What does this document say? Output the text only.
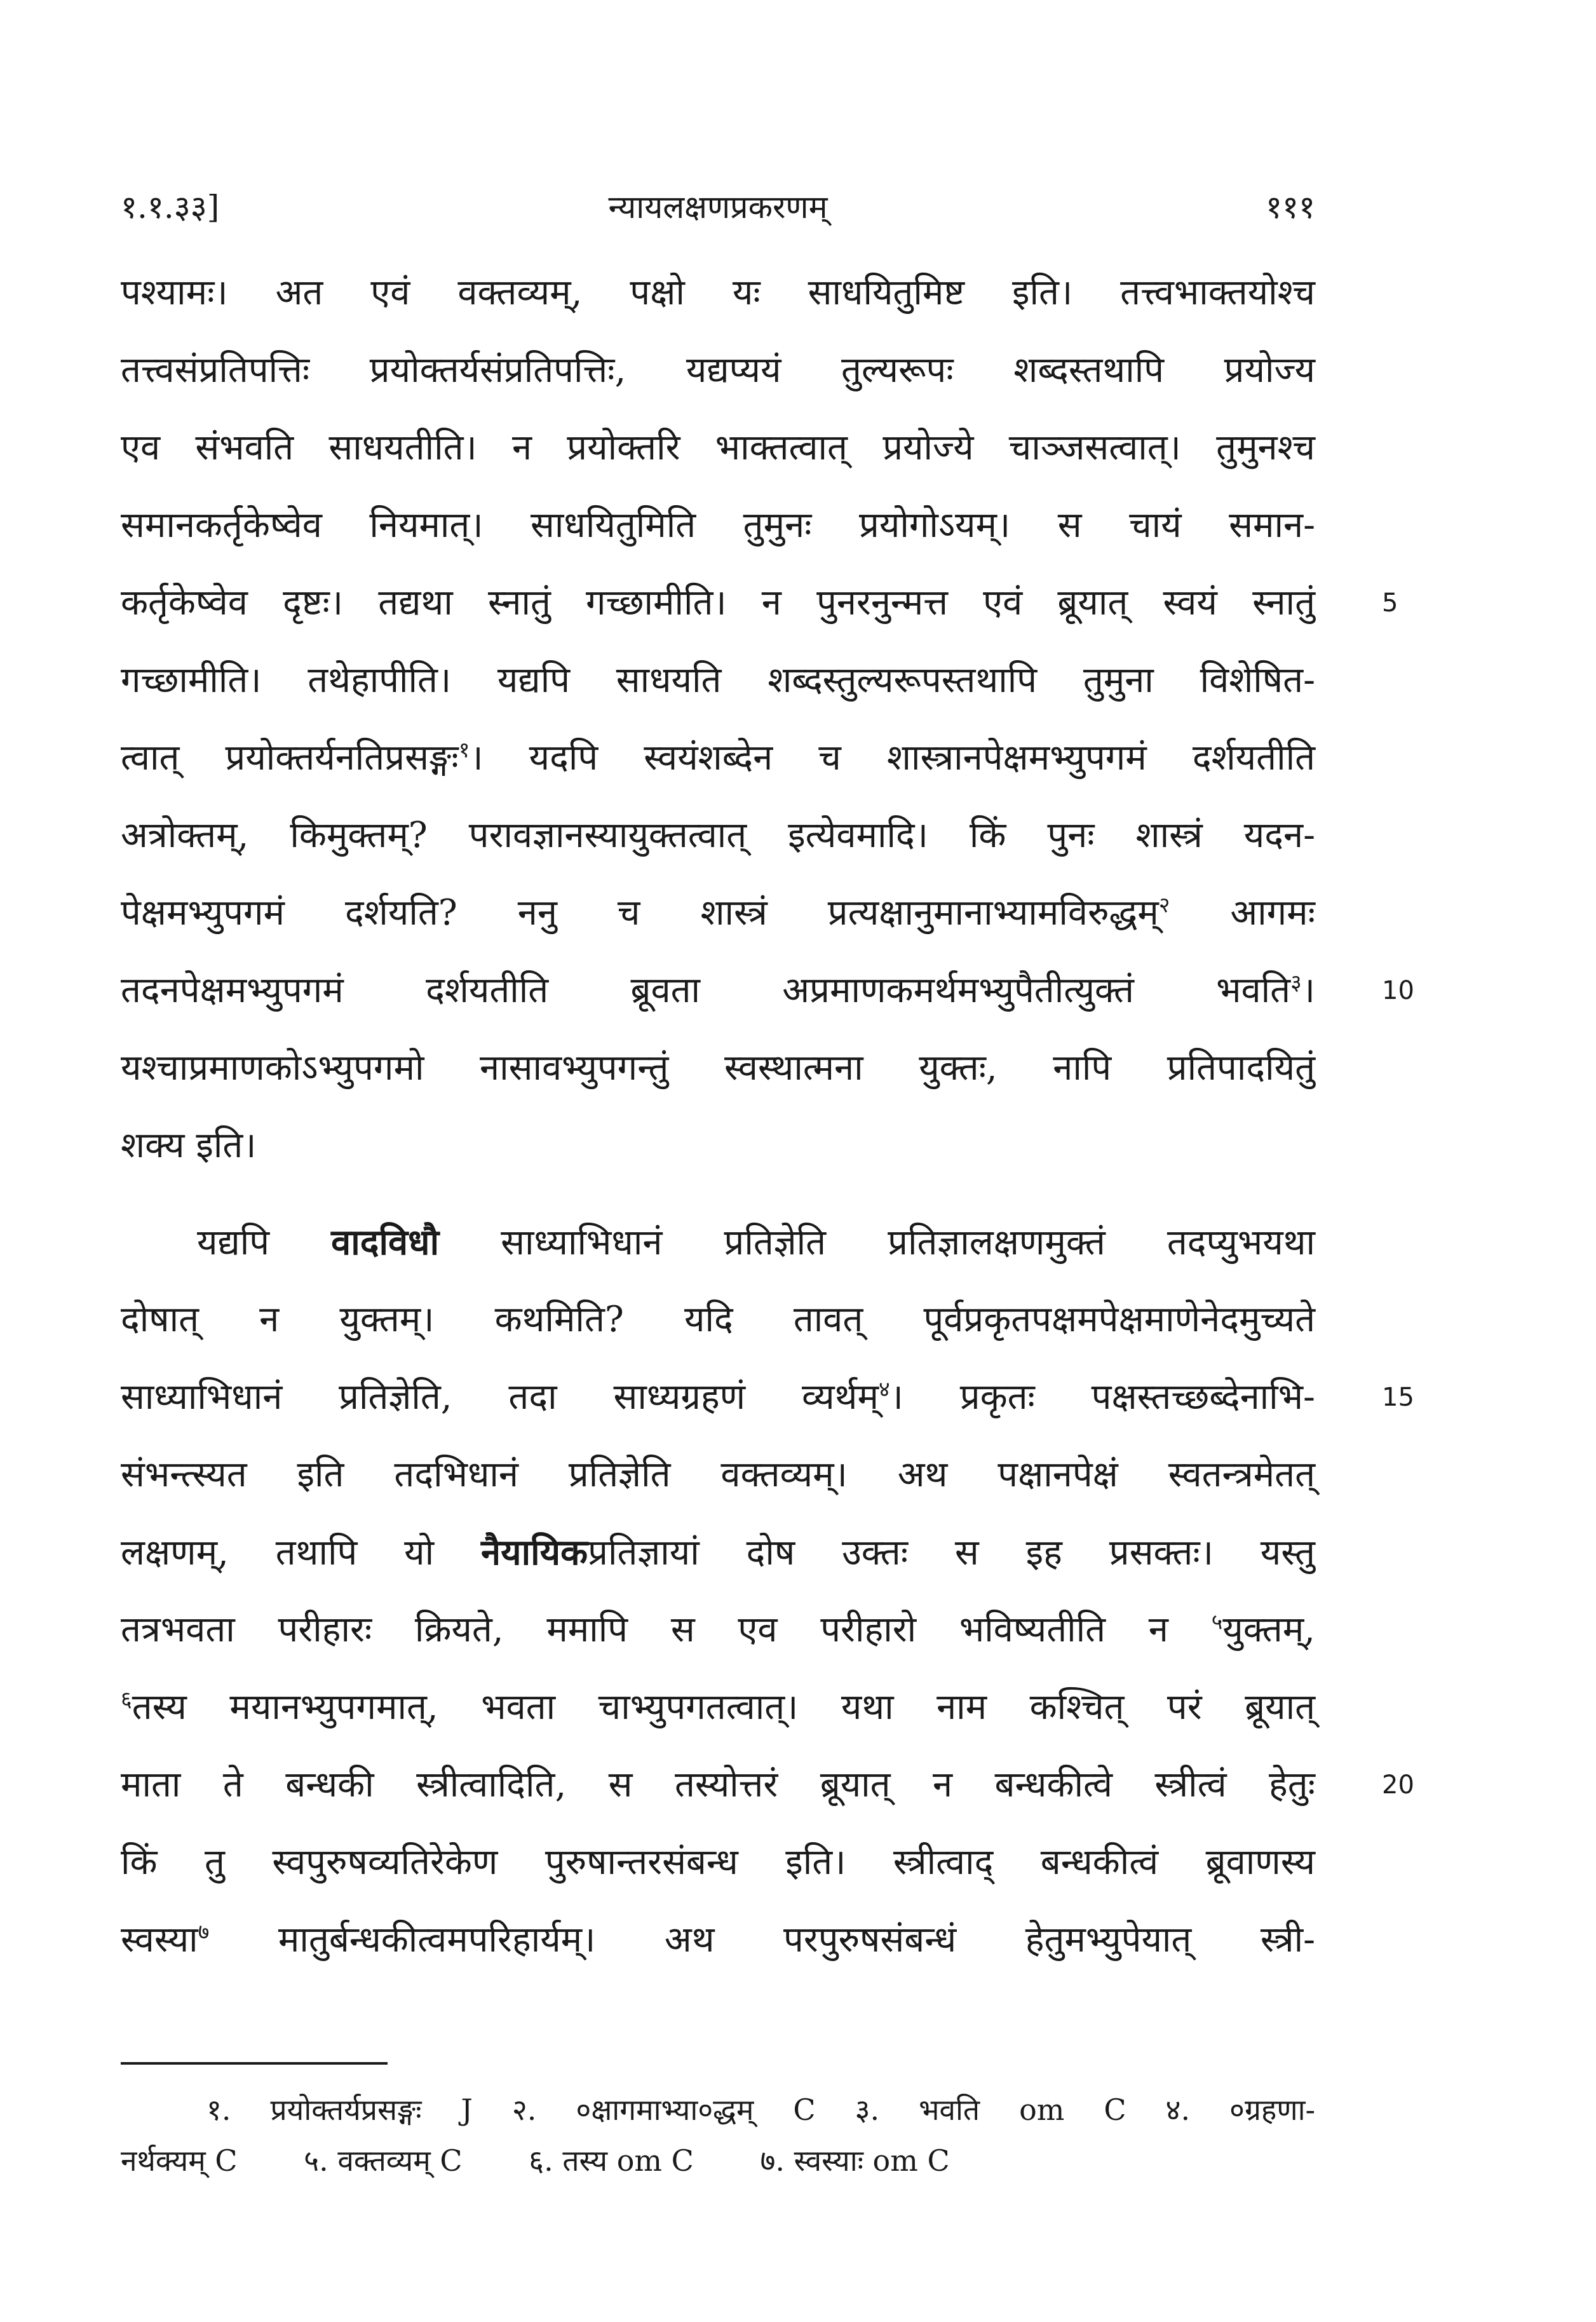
१.१.३३]	न्यायलक्षणप्रकरणम्	१११
पश्यामः। अत एवं वक्तव्यम्, पक्षो यः साधयितुमिष्ट इति। तत्त्वभाक्तयोश्च
तत्त्वसंप्रतिपत्तिः प्रयोक्तर्यसंप्रतिपत्तिः, यद्यप्ययं तुल्यरूपः शब्दस्तथापि प्रयोज्य
एव संभवति साधयतीति। न प्रयोक्तरि भाक्तत्वात् प्रयोज्ये चाञ्जसत्वात्। तुमुनश्च
समानकर्तृकेष्वेव नियमात्। साधयितुमिति तुमुनः प्रयोगोऽयम्। स चायं समान-
कर्तृकेष्वेव दृष्टः। तद्यथा स्नातुं गच्छामीति। न पुनरनुन्मत्त एवं ब्रूयात् स्वयं स्नातुं	5
गच्छामीति। तथेहापीति। यद्यपि साधयति शब्दस्तुल्यरूपस्तथापि तुमुना विशेषित-
त्वात् प्रयोक्तर्यनतिप्रसङ्गः$^१$। यदपि स्वयंशब्देन च शास्त्रानपेक्षमभ्युपगमं दर्शयतीति
अत्रोक्तम्, किमुक्तम्? परावज्ञानस्यायुक्तत्वात् इत्येवमादि। किं पुनः शास्त्रं यदन-
पेक्षमभ्युपगमं दर्शयति? ननु च शास्त्रं प्रत्यक्षानुमानाभ्यामविरुद्धम्$^२$ आगमः
तदनपेक्षमभ्युपगमं दर्शयतीति ब्रूवता अप्रमाणकमर्थमभ्युपैतीत्युक्तं भवति$^३$।	10
यश्चाप्रमाणकोऽभ्युपगमो नासावभ्युपगन्तुं स्वस्थात्मना युक्तः, नापि प्रतिपादयितुं
शक्य इति।
यद्यपि वादविधौ साध्याभिधानं प्रतिज्ञेति प्रतिज्ञालक्षणमुक्तं तदप्युभयथा
दोषात् न युक्तम्। कथमिति? यदि तावत् पूर्वप्रकृतपक्षमपेक्षमाणेनेदमुच्यते
साध्याभिधानं प्रतिज्ञेति, तदा साध्यग्रहणं व्यर्थम्$^४$। प्रकृतः पक्षस्तच्छब्देनाभि-	15
संभन्त्स्यत इति तदभिधानं प्रतिज्ञेति वक्तव्यम्। अथ पक्षानपेक्षं स्वतन्त्रमेतत्
लक्षणम्, तथापि यो नैयायिकप्रतिज्ञायां दोष उक्तः स इह प्रसक्तः। यस्तु
तत्रभवता परीहारः क्रियते, ममापि स एव परीहारो भविष्यतीति न $^५$युक्तम्,
$^६$तस्य मयानभ्युपगमात्, भवता चाभ्युपगतत्वात्। यथा नाम कश्चित् परं ब्रूयात्
माता ते बन्धकी स्त्रीत्वादिति, स तस्योत्तरं ब्रूयात् न बन्धकीत्वे स्त्रीत्वं हेतुः	20
किं तु स्वपुरुषव्यतिरेकेण पुरुषान्तरसंबन्ध इति। स्त्रीत्वाद् बन्धकीत्वं ब्रूवाणस्य
स्वस्या$^७$ मातुर्बन्धकीत्वमपरिहार्यम्। अथ परपुरुषसंबन्धं हेतुमभ्युपेयात् स्त्री-
१. प्रयोक्तर्यप्रसङ्गः J २. ०क्षागमाभ्या०द्धम् C ३. भवति om C ४. ०ग्रहणा-
नर्थक्यम् C ५. वक्तव्यम् C ६. तस्य om C ७. स्वस्याः om C
